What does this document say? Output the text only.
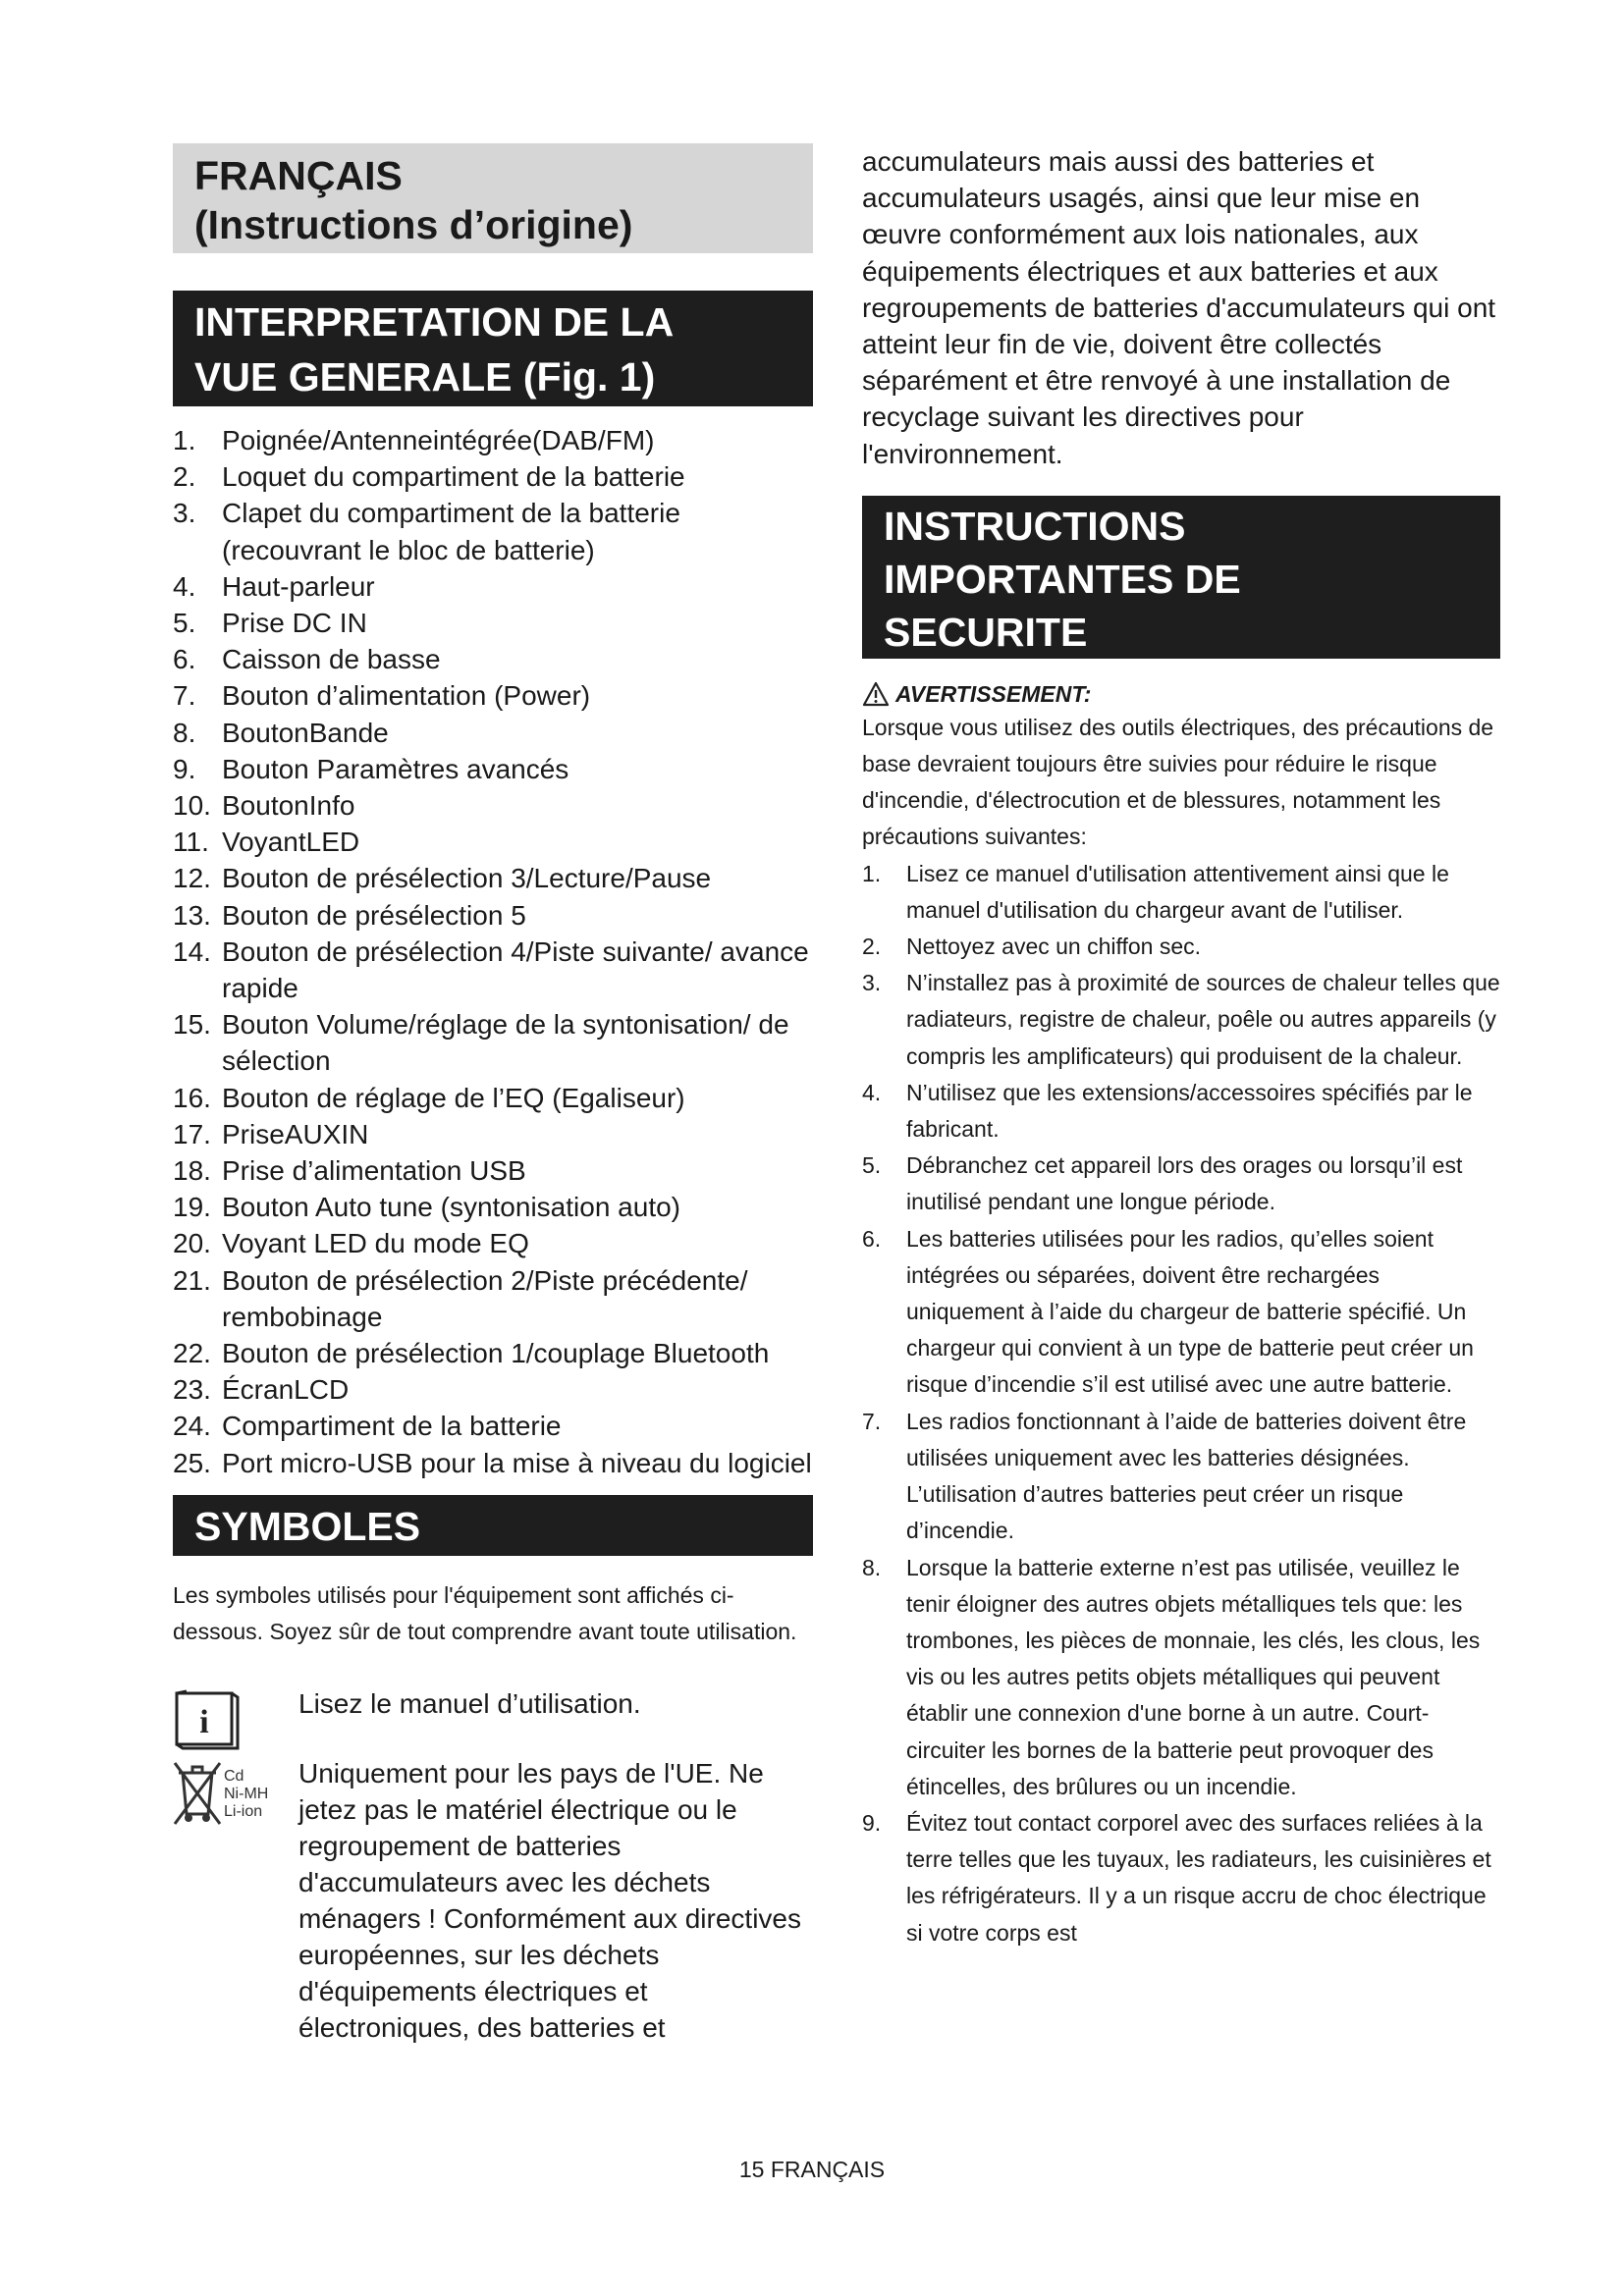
FRANÇAIS
(Instructions d’origine)
INTERPRETATION DE LA
VUE GENERALE (Fig. 1)
1. Poignée/Antenneintégrée(DAB/FM)
2. Loquet du compartiment de la batterie
3. Clapet du compartiment de la batterie (recouvrant le bloc de batterie)
4. Haut-parleur
5. Prise DC IN
6. Caisson de basse
7. Bouton d’alimentation (Power)
8. BoutonBande
9. Bouton Paramètres avancés
10. BoutonInfo
11. VoyantLED
12. Bouton de présélection 3/Lecture/Pause
13. Bouton de présélection 5
14. Bouton de présélection 4/Piste suivante/ avance rapide
15. Bouton Volume/réglage de la syntonisation/ de sélection
16. Bouton de réglage de l’EQ (Egaliseur)
17. PriseAUXIN
18. Prise d’alimentation USB
19. Bouton Auto tune (syntonisation auto)
20. Voyant LED du mode EQ
21. Bouton de présélection 2/Piste précédente/ rembobinage
22. Bouton de présélection 1/couplage Bluetooth
23. ÉcranLCD
24. Compartiment de la batterie
25. Port micro-USB pour la mise à niveau du logiciel
SYMBOLES
Les symboles utilisés pour l'équipement sont affichés ci-dessous. Soyez sûr de tout comprendre avant toute utilisation.
i
Lisez le manuel d’utilisation.
Cd
Ni-MH
Li-ion
Uniquement pour les pays de l'UE. Ne jetez pas le matériel électrique ou le regroupement de batteries d'accumulateurs avec les déchets ménagers ! Conformément aux directives européennes, sur les déchets d'équipements électriques et électroniques, des batteries et
accumulateurs mais aussi des batteries et accumulateurs usagés, ainsi que leur mise en œuvre conformément aux lois nationales, aux équipements électriques et aux batteries et aux regroupements de batteries d'accumulateurs qui ont atteint leur fin de vie, doivent être collectés séparément et être renvoyé à une installation de recyclage suivant les directives pour l'environnement.
INSTRUCTIONS
IMPORTANTES DE
SECURITE
AVERTISSEMENT:
Lorsque vous utilisez des outils électriques, des précautions de base devraient toujours être suivies pour réduire le risque d'incendie, d'électrocution et de blessures, notamment les précautions suivantes:
1. Lisez ce manuel d'utilisation attentivement ainsi que le manuel d'utilisation du chargeur avant de l'utiliser.
2. Nettoyez avec un chiffon sec.
3. N’installez pas à proximité de sources de chaleur telles que radiateurs, registre de chaleur, poêle ou autres appareils (y compris les amplificateurs) qui produisent de la chaleur.
4. N’utilisez que les extensions/accessoires spécifiés par le fabricant.
5. Débranchez cet appareil lors des orages ou lorsqu’il est inutilisé pendant une longue période.
6. Les batteries utilisées pour les radios, qu’elles soient intégrées ou séparées, doivent être rechargées uniquement à l’aide du chargeur de batterie spécifié. Un chargeur qui convient à un type de batterie peut créer un risque d’incendie s’il est utilisé avec une autre batterie.
7. Les radios fonctionnant à l’aide de batteries doivent être utilisées uniquement avec les batteries désignées. L’utilisation d’autres batteries peut créer un risque d’incendie.
8. Lorsque la batterie externe n’est pas utilisée, veuillez le tenir éloigner des autres objets métalliques tels que: les trombones, les pièces de monnaie, les clés, les clous, les vis ou les autres petits objets métalliques qui peuvent établir une connexion d'une borne à un autre. Court-circuiter les bornes de la batterie peut provoquer des étincelles, des brûlures ou un incendie.
9. Évitez tout contact corporel avec des surfaces reliées à la terre telles que les tuyaux, les radiateurs, les cuisinières et les réfrigérateurs. Il y a un risque accru de choc électrique si votre corps est
15 FRANÇAIS
